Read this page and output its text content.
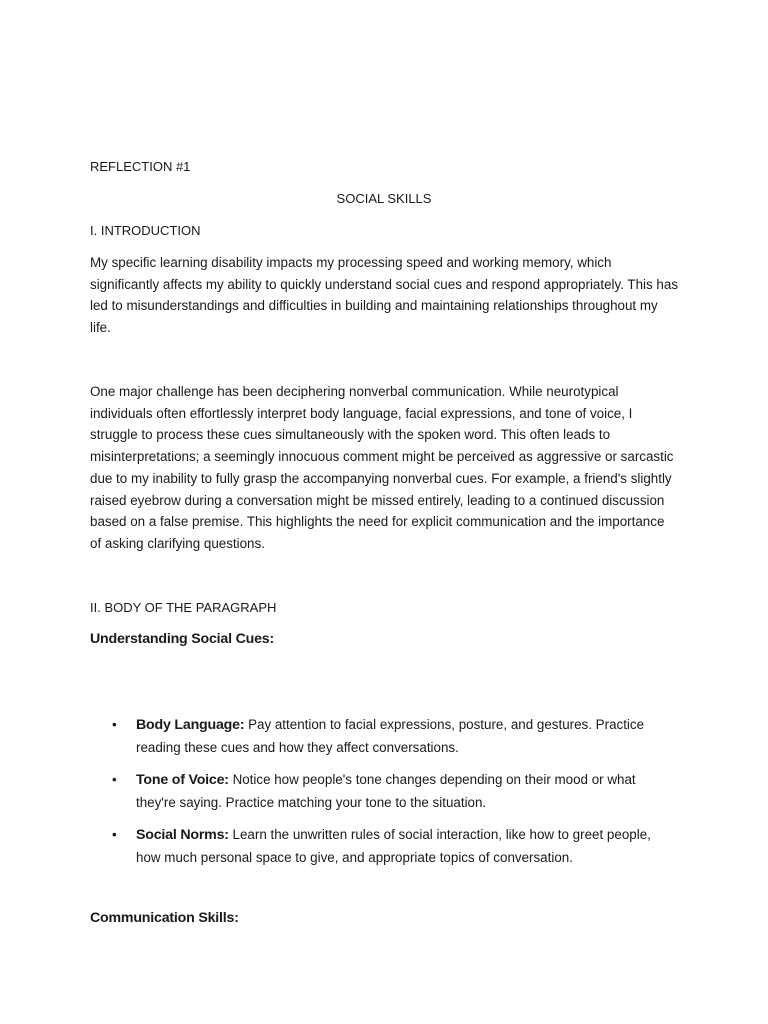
REFLECTION #1

SOCIAL SKILLS

I. INTRODUCTION

My specific learning disability impacts my processing speed and working memory, which significantly affects my ability to quickly understand social cues and respond appropriately. This has led to misunderstandings and difficulties in building and maintaining relationships throughout my life.

One major challenge has been deciphering nonverbal communication. While neurotypical individuals often effortlessly interpret body language, facial expressions, and tone of voice, I struggle to process these cues simultaneously with the spoken word. This often leads to misinterpretations; a seemingly innocuous comment might be perceived as aggressive or sarcastic due to my inability to fully grasp the accompanying nonverbal cues. For example, a friend's slightly raised eyebrow during a conversation might be missed entirely, leading to a continued discussion based on a false premise. This highlights the need for explicit communication and the importance of asking clarifying questions.

II. BODY OF THE PARAGRAPH

Understanding Social Cues:

• Body Language: Pay attention to facial expressions, posture, and gestures. Practice reading these cues and how they affect conversations.
• Tone of Voice: Notice how people's tone changes depending on their mood or what they're saying. Practice matching your tone to the situation.
• Social Norms: Learn the unwritten rules of social interaction, like how to greet people, how much personal space to give, and appropriate topics of conversation.

Communication Skills:
